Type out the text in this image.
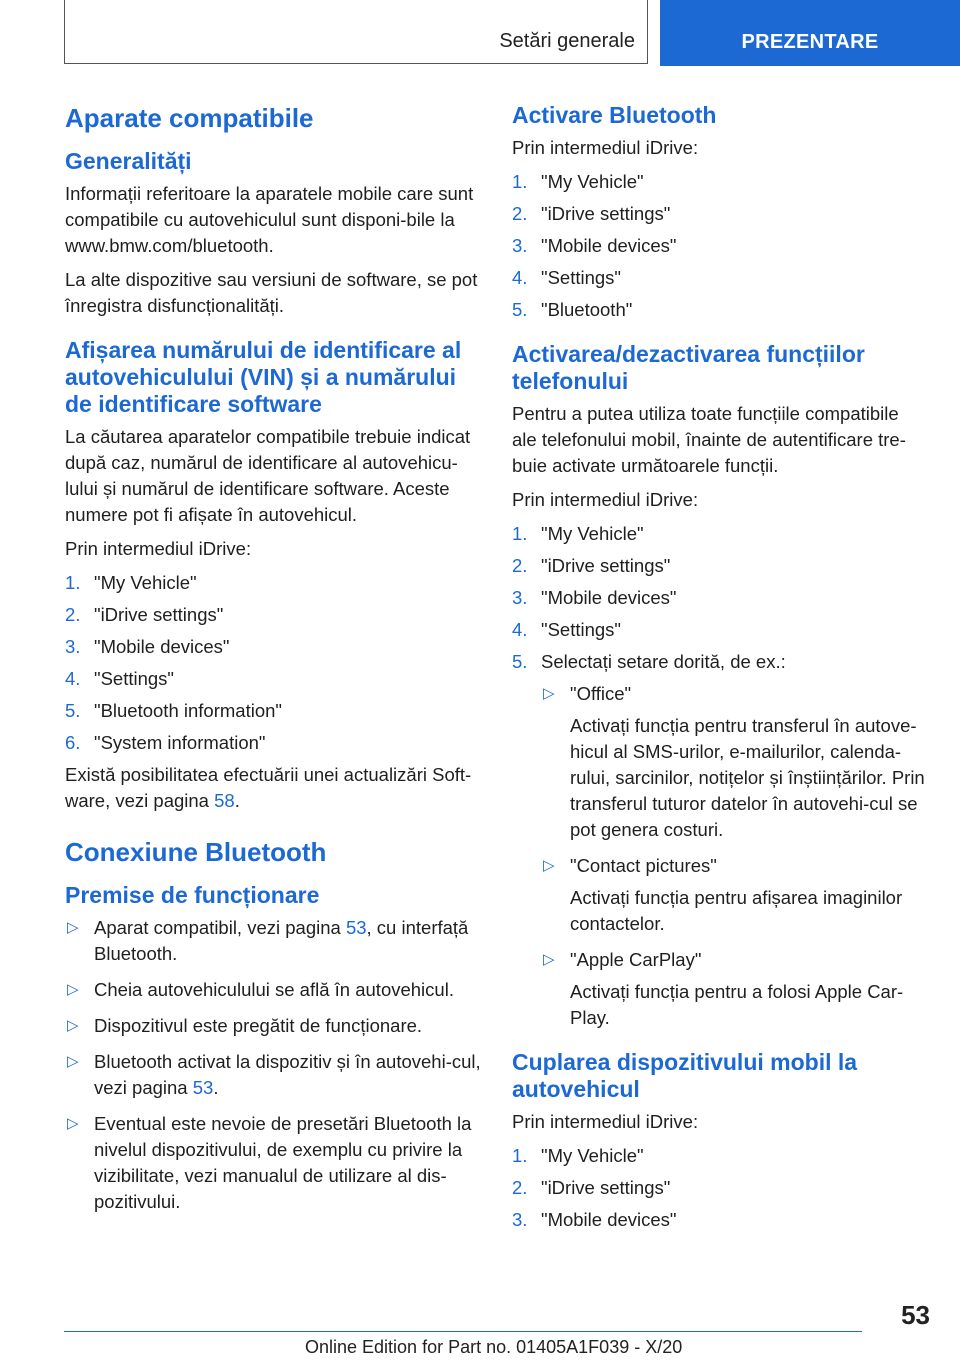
Setări generale	PREZENTARE
Aparate compatibile
Generalități

Informații referitoare la aparatele mobile care sunt compatibile cu autovehiculul sunt disponi-bile la www.bmw.com/bluetooth.

La alte dispozitive sau versiuni de software, se pot înregistra disfuncționalități.

Afișarea numărului de identificare al autovehiculului (VIN) și a numărului de identificare software

La căutarea aparatelor compatibile trebuie indicat după caz, numărul de identificare al autovehicu-lului și numărul de identificare software. Aceste numere pot fi afișate în autovehicul.

Prin intermediul iDrive:

1. "My Vehicle"
2. "iDrive settings"
3. "Mobile devices"
4. "Settings"
5. "Bluetooth information"
6. "System information"

Există posibilitatea efectuării unei actualizări Soft-ware, vezi pagina 58.

Conexiune Bluetooth
Premise de funcționare
▷ Aparat compatibil, vezi pagina 53, cu interfață Bluetooth.
▷ Cheia autovehiculului se află în autovehicul.
▷ Dispozitivul este pregătit de funcționare.
▷ Bluetooth activat la dispozitiv și în autovehi-cul, vezi pagina 53.
▷ Eventual este nevoie de presetări Bluetooth la nivelul dispozitivului, de exemplu cu privire la vizibilitate, vezi manualul de utilizare al dis-pozitivului.
Activare Bluetooth

Prin intermediul iDrive:

1. "My Vehicle"
2. "iDrive settings"
3. "Mobile devices"
4. "Settings"
5. "Bluetooth"
Activarea/dezactivarea funcțiilor telefonului

Pentru a putea utiliza toate funcțiile compatibile ale telefonului mobil, înainte de autentificare tre-buie activate următoarele funcții.

Prin intermediul iDrive:

1. "My Vehicle"
2. "iDrive settings"
3. "Mobile devices"
4. "Settings"
5. Selectați setare dorită, de ex.:
▷ "Office"
Activați funcția pentru transferul în autove-hicul al SMS-urilor, e-mailurilor, calenda-rului, sarcinilor, notițelor și înștiințărilor. Prin transferul tuturor datelor în autovehi-cul se pot genera costuri.
▷ "Contact pictures"
Activați funcția pentru afișarea imaginilor contactelor.
▷ "Apple CarPlay"
Activați funcția pentru a folosi Apple Car-Play.
Cuplarea dispozitivului mobil la autovehicul

Prin intermediul iDrive:

1. "My Vehicle"
2. "iDrive settings"
3. "Mobile devices"
53
Online Edition for Part no. 01405A1F039 - X/20
